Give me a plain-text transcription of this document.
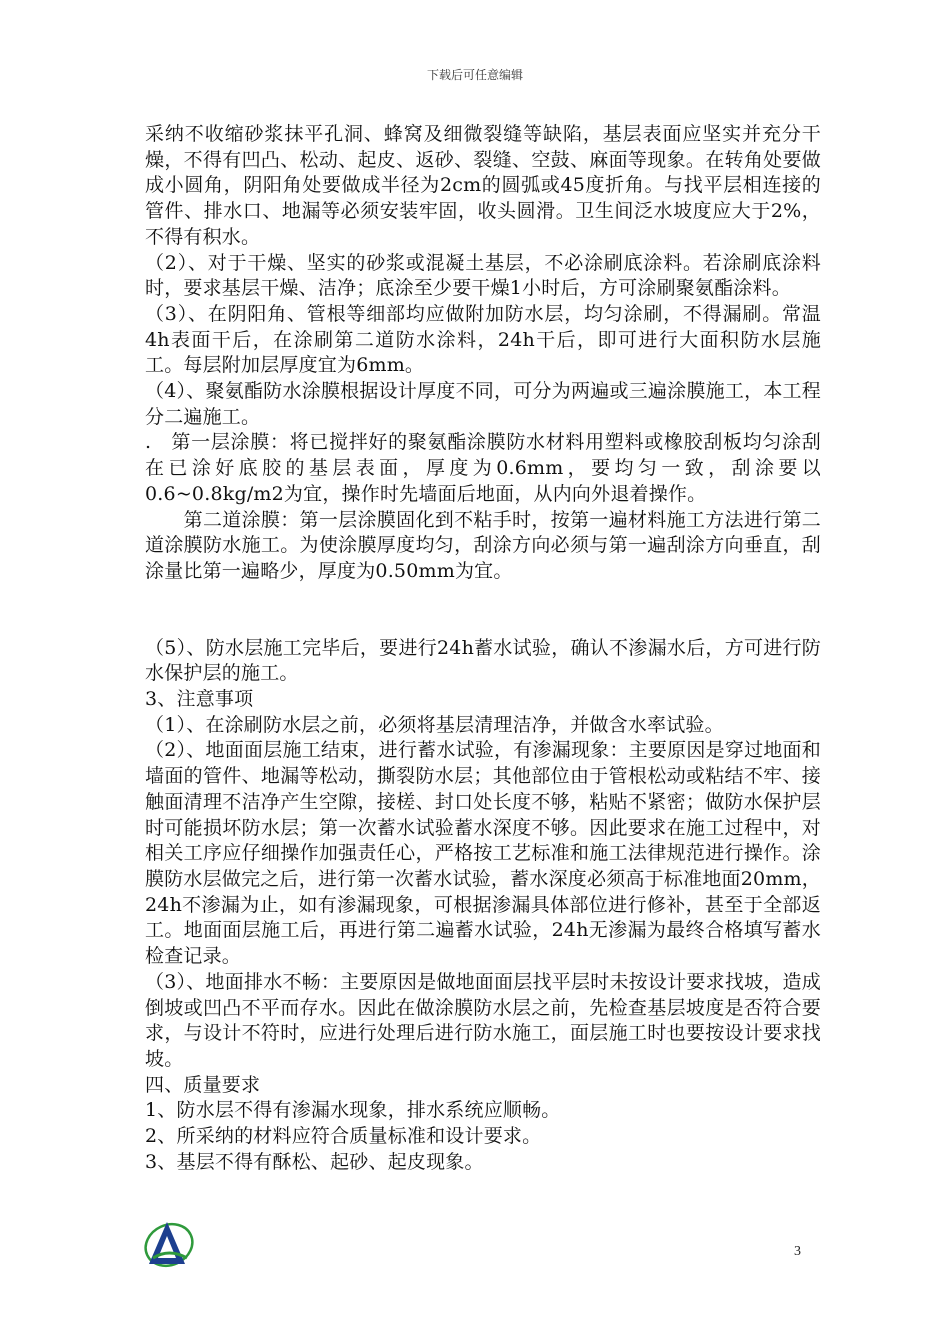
下载后可任意编辑

采纳不收缩砂浆抹平孔洞、蜂窝及细微裂缝等缺陷，基层表面应坚实并充分干燥，不得有凹凸、松动、起皮、返砂、裂缝、空鼓、麻面等现象。在转角处要做成小圆角，阴阳角处要做成半径为2cm的圆弧或45度折角。与找平层相连接的管件、排水口、地漏等必须安装牢固，收头圆滑。卫生间泛水坡度应大于2%，不得有积水。

（2）、对于干燥、坚实的砂浆或混凝土基层，不必涂刷底涂料。若涂刷底涂料时，要求基层干燥、洁净；底涂至少要干燥1小时后，方可涂刷聚氨酯涂料。

（3）、在阴阳角、管根等细部均应做附加防水层，均匀涂刷，不得漏刷。常温4h表面干后，在涂刷第二道防水涂料，24h干后，即可进行大面积防水层施工。每层附加层厚度宜为6mm。

（4）、聚氨酯防水涂膜根据设计厚度不同，可分为两遍或三遍涂膜施工，本工程分二遍施工。

.　第一层涂膜：将已搅拌好的聚氨酯涂膜防水材料用塑料或橡胶刮板均匀涂刮在已涂好底胶的基层表面，厚度为0.6mm，要均匀一致，刮涂要以0.6~0.8kg/m2为宜，操作时先墙面后地面，从内向外退着操作。

　　第二道涂膜：第一层涂膜固化到不粘手时，按第一遍材料施工方法进行第二道涂膜防水施工。为使涂膜厚度均匀，刮涂方向必须与第一遍刮涂方向垂直，刮涂量比第一遍略少，厚度为0.50mm为宜。

（5）、防水层施工完毕后，要进行24h蓄水试验，确认不渗漏水后，方可进行防水保护层的施工。

3、注意事项

（1）、在涂刷防水层之前，必须将基层清理洁净，并做含水率试验。

（2）、地面面层施工结束，进行蓄水试验，有渗漏现象：主要原因是穿过地面和墙面的管件、地漏等松动，撕裂防水层；其他部位由于管根松动或粘结不牢、接触面清理不洁净产生空隙，接槎、封口处长度不够，粘贴不紧密；做防水保护层时可能损坏防水层；第一次蓄水试验蓄水深度不够。因此要求在施工过程中，对相关工序应仔细操作加强责任心，严格按工艺标准和施工法律规范进行操作。涂膜防水层做完之后，进行第一次蓄水试验，蓄水深度必须高于标准地面20mm，24h不渗漏为止，如有渗漏现象，可根据渗漏具体部位进行修补，甚至于全部返工。地面面层施工后，再进行第二遍蓄水试验，24h无渗漏为最终合格填写蓄水检查记录。

（3）、地面排水不畅：主要原因是做地面面层找平层时未按设计要求找坡，造成倒坡或凹凸不平而存水。因此在做涂膜防水层之前，先检查基层坡度是否符合要求，与设计不符时，应进行处理后进行防水施工，面层施工时也要按设计要求找坡。

四、质量要求

1、防水层不得有渗漏水现象，排水系统应顺畅。

2、所采纳的材料应符合质量标准和设计要求。

3、基层不得有酥松、起砂、起皮现象。

3
